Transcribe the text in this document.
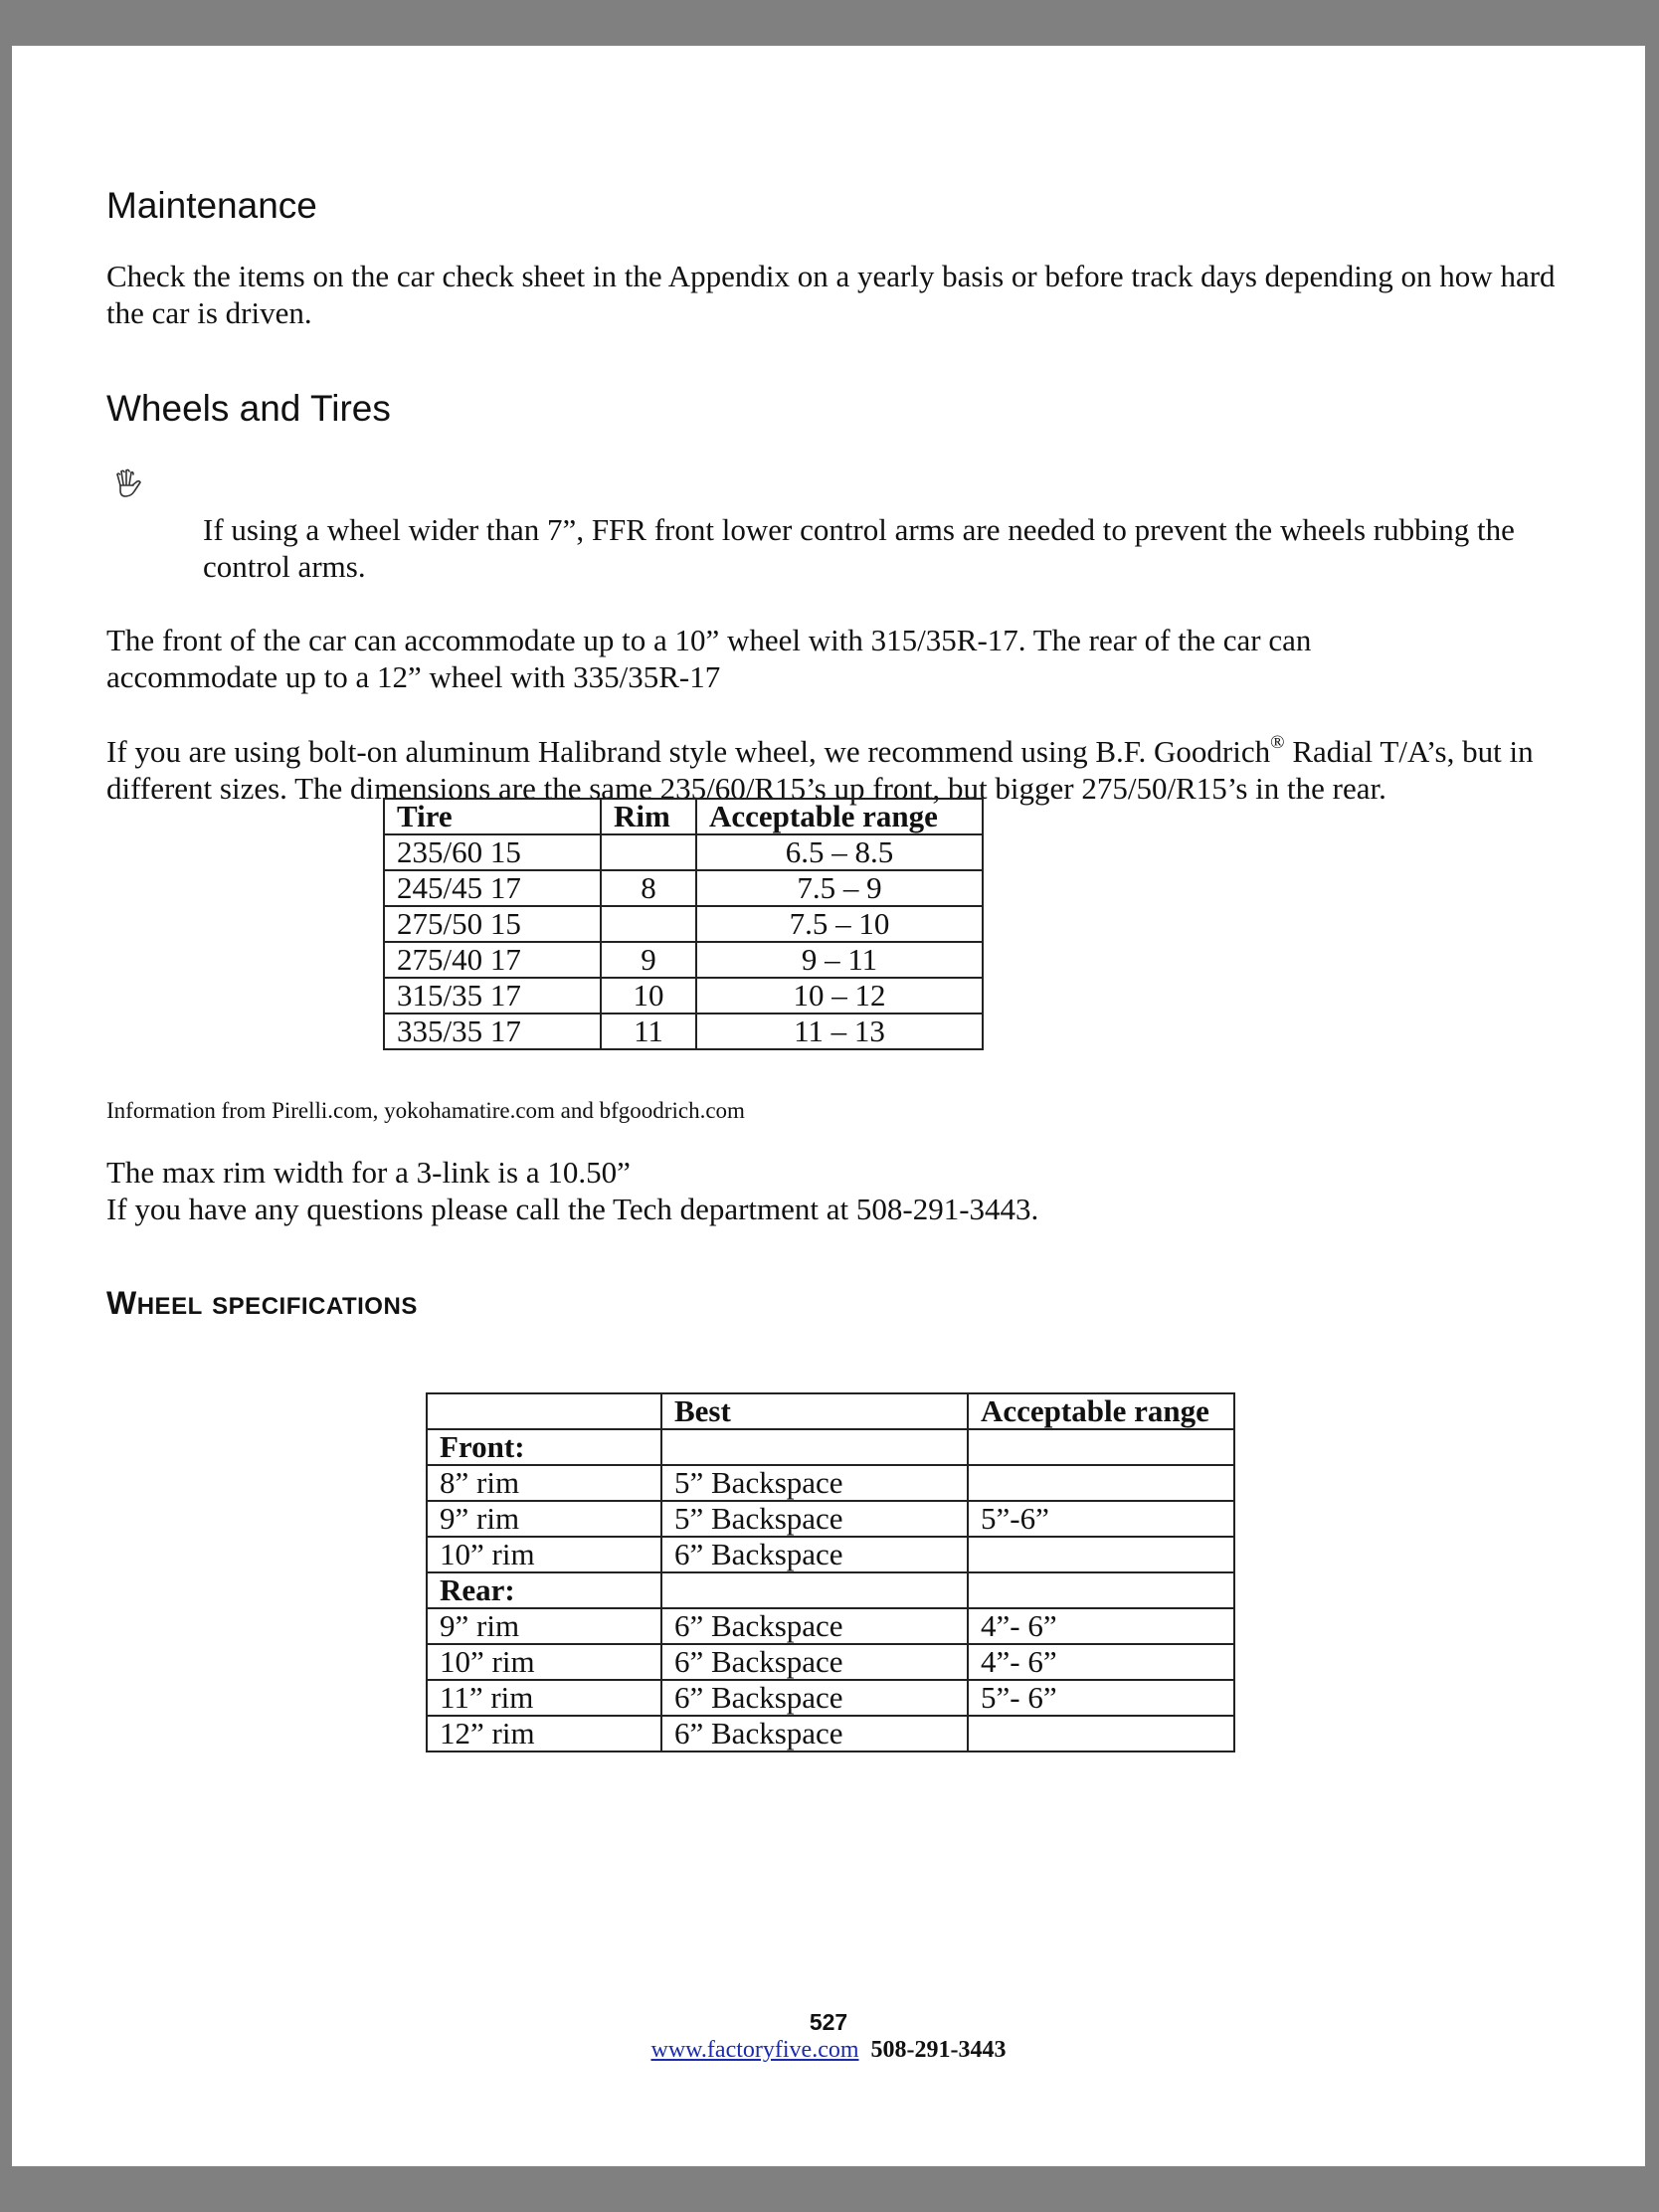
Maintenance

Check the items on the car check sheet in the Appendix on a yearly basis or before track days depending on how hard the car is driven.

Wheels and Tires

If using a wheel wider than 7”, FFR front lower control arms are needed to prevent the wheels rubbing the control arms.

The front of the car can accommodate up to a 10” wheel with 315/35R-17. The rear of the car can accommodate up to a 12” wheel with 335/35R-17

If you are using bolt-on aluminum Halibrand style wheel, we recommend using B.F. Goodrich® Radial T/A’s, but in different sizes. The dimensions are the same 235/60/R15’s up front, but bigger 275/50/R15’s in the rear.

Tire	Rim	Acceptable range
235/60 15		6.5 – 8.5
245/45 17	8	7.5 – 9
275/50 15		7.5 – 10
275/40 17	9	9 – 11
315/35 17	10	10 – 12
335/35 17	11	11 – 13

Information from Pirelli.com, yokohamatire.com and bfgoodrich.com

The max rim width for a 3-link is a 10.50”

If you have any questions please call the Tech department at 508-291-3443.

WHEEL SPECIFICATIONS
	Best	Acceptable range
Front:		
8” rim	5” Backspace	
9” rim	5” Backspace	5”-6”
10” rim	6” Backspace	
Rear:		
9” rim	6” Backspace	4”- 6”
10” rim	6” Backspace	4”- 6”
11” rim	6” Backspace	5”- 6”
12” rim	6” Backspace	
527
www.factoryfive.com 508-291-3443
